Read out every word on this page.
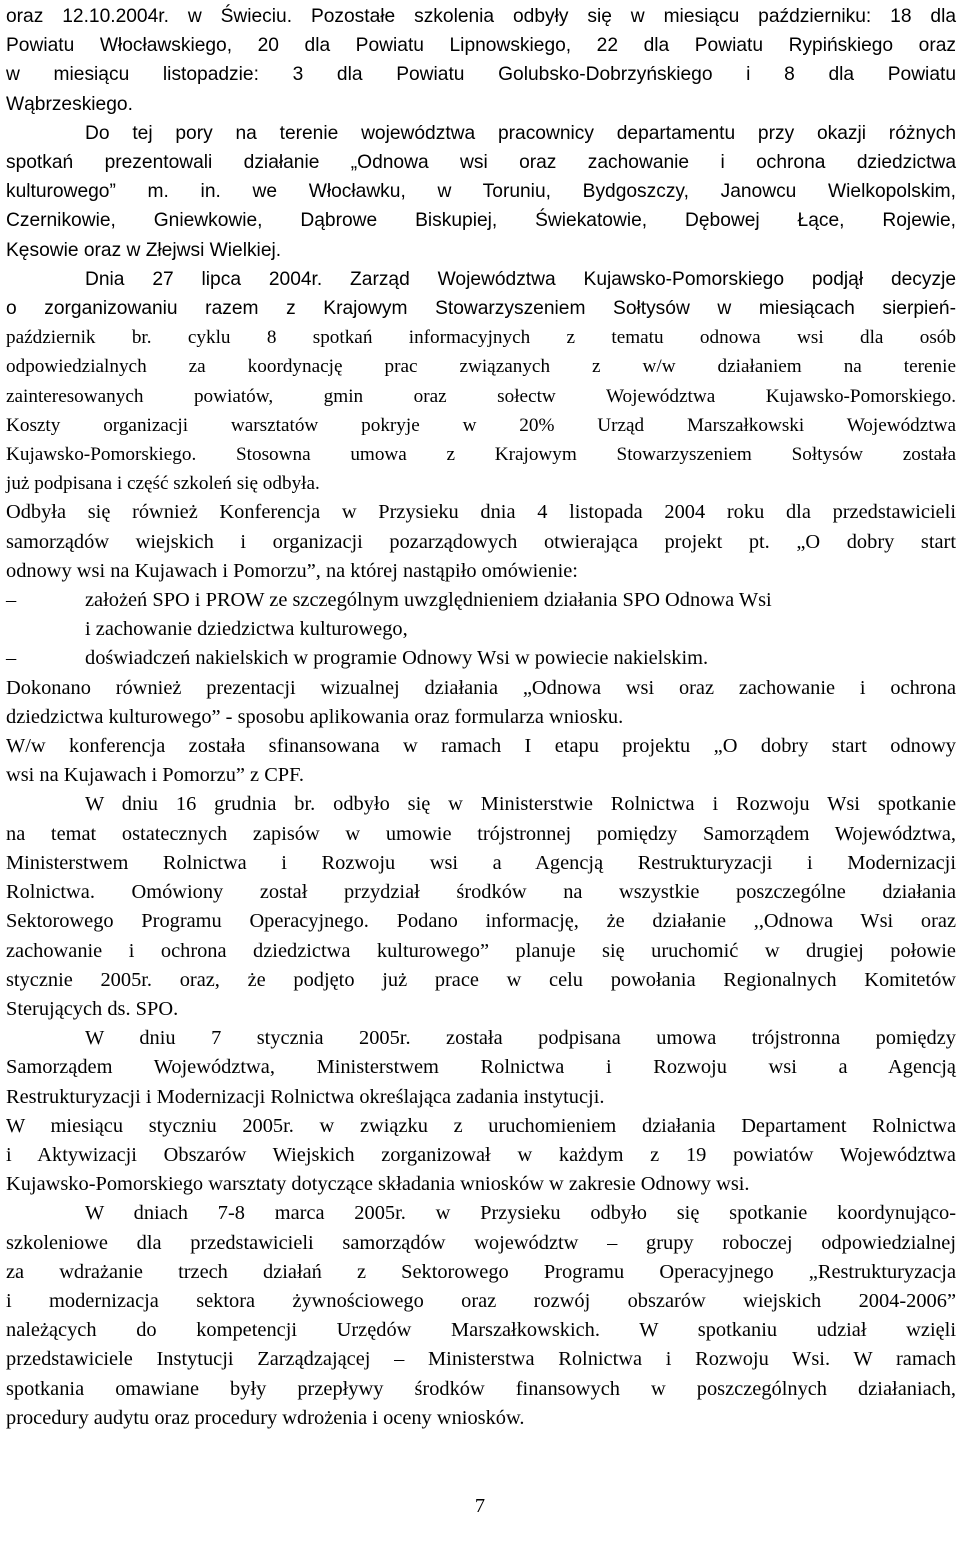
oraz 12.10.2004r. w Świeciu. Pozostałe szkolenia odbyły się w miesiącu październiku: 18 dla
Powiatu Włocławskiego, 20 dla Powiatu Lipnowskiego, 22 dla Powiatu Rypińskiego oraz
w miesiącu listopadzie: 3 dla Powiatu Golubsko-Dobrzyńskiego i 8 dla Powiatu
Wąbrzeskiego.
Do tej pory na terenie województwa pracownicy departamentu przy okazji różnych
spotkań prezentowali działanie „Odnowa wsi oraz zachowanie i ochrona dziedzictwa
kulturowego” m. in. we Włocławku, w Toruniu, Bydgoszczy, Janowcu Wielkopolskim,
Czernikowie, Gniewkowie, Dąbrowe Biskupiej, Świekatowie, Dębowej Łące, Rojewie,
Kęsowie oraz w Złejwsi Wielkiej.
Dnia 27 lipca 2004r. Zarząd Województwa Kujawsko-Pomorskiego podjął decyzje
o zorganizowaniu razem z Krajowym Stowarzyszeniem Sołtysów w miesiącach sierpień-
październik br. cyklu 8 spotkań informacyjnych z tematu odnowa wsi dla osób
odpowiedzialnych za koordynację prac związanych z w/w działaniem na terenie
zainteresowanych powiatów, gmin oraz sołectw Województwa Kujawsko-Pomorskiego.
Koszty organizacji warsztatów pokryje w 20% Urząd Marszałkowski Województwa
Kujawsko-Pomorskiego. Stosowna umowa z Krajowym Stowarzyszeniem Sołtysów została
już podpisana i część szkoleń się odbyła.
Odbyła się również Konferencja w Przysieku dnia 4 listopada 2004 roku dla przedstawicieli
samorządów wiejskich i organizacji pozarządowych otwierająca projekt pt. „O dobry start
odnowy wsi na Kujawach i Pomorzu”, na której nastąpiło omówienie:
–	założeń SPO i PROW ze szczególnym uwzględnieniem działania SPO Odnowa Wsi
i zachowanie dziedzictwa kulturowego,
–	doświadczeń nakielskich w programie Odnowy Wsi w powiecie nakielskim.
Dokonano również prezentacji wizualnej działania „Odnowa wsi oraz zachowanie i ochrona
dziedzictwa kulturowego” - sposobu aplikowania oraz formularza wniosku.
W/w konferencja została sfinansowana w ramach I etapu projektu „O dobry start odnowy
wsi na Kujawach i Pomorzu” z CPF.
W dniu 16 grudnia br. odbyło się w Ministerstwie Rolnictwa i Rozwoju Wsi spotkanie
na temat ostatecznych zapisów w umowie trójstronnej pomiędzy Samorządem Województwa,
Ministerstwem Rolnictwa i Rozwoju wsi a Agencją Restrukturyzacji i Modernizacji
Rolnictwa. Omówiony został przydział środków na wszystkie poszczególne działania
Sektorowego Programu Operacyjnego. Podano informację, że działanie ,,Odnowa Wsi oraz
zachowanie i ochrona dziedzictwa kulturowego” planuje się uruchomić w drugiej połowie
stycznie 2005r. oraz, że podjęto już prace w celu powołania Regionalnych Komitetów
Sterujących ds. SPO.
W dniu 7 stycznia 2005r. została podpisana umowa trójstronna pomiędzy
Samorządem Województwa, Ministerstwem Rolnictwa i Rozwoju wsi a Agencją
Restrukturyzacji i Modernizacji Rolnictwa określająca zadania instytucji.
W miesiącu styczniu 2005r. w związku z uruchomieniem działania Departament Rolnictwa
i Aktywizacji Obszarów Wiejskich zorganizował w każdym z 19 powiatów Województwa
Kujawsko-Pomorskiego warsztaty dotyczące składania wniosków w zakresie Odnowy wsi.
W dniach 7-8 marca 2005r. w Przysieku odbyło się spotkanie koordynująco-
szkoleniowe dla przedstawicieli samorządów województw – grupy roboczej odpowiedzialnej
za wdrażanie trzech działań z Sektorowego Programu Operacyjnego „Restrukturyzacja
i modernizacja sektora żywnościowego oraz rozwój obszarów wiejskich 2004-2006”
należących do kompetencji Urzędów Marszałkowskich. W spotkaniu udział wzięli
przedstawiciele Instytucji Zarządzającej – Ministerstwa Rolnictwa i Rozwoju Wsi. W ramach
spotkania omawiane były przepływy środków finansowych w poszczególnych działaniach,
procedury audytu oraz procedury wdrożenia i oceny wniosków.
7
